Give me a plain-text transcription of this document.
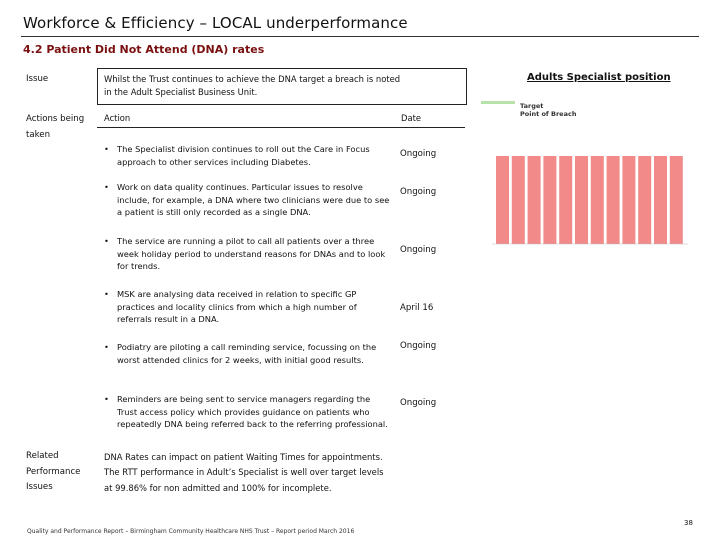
Workforce & Efficiency – LOCAL underperformance
4.2 Patient Did Not Attend (DNA) rates
Issue	Whilst the Trust continues to achieve the DNA target a breach is noted in the Adult Specialist Business Unit.
Actions being taken
Action	Date
• The Specialist division continues to roll out the Care in Focus approach to other services including Diabetes.
Ongoing
• Work on data quality continues. Particular issues to resolve include, for example, a DNA where two clinicians were due to see a patient is still only recorded as a single DNA.
Ongoing
• The service are running a pilot to call all patients over a three week holiday period to understand reasons for DNAs and to look for trends.
Ongoing
• MSK are analysing data received in relation to specific GP practices and locality clinics from which a high number of referrals result in a DNA.
April 16
• Podiatry are piloting a call reminding service, focussing on the worst attended clinics for 2 weeks, with initial good results.
Ongoing
• Reminders are being sent to service managers regarding the Trust access policy which provides guidance on patients who repeatedly DNA being referred back to the referring professional.
Ongoing
Related Performance Issues
DNA Rates can impact on patient Waiting Times for appointments. The RTT performance in Adult’s Specialist is well over target levels at 99.86% for non admitted and 100% for incomplete.
Adults Specialist position
Target
Point of Breach
Quality and Performance Report – Birmingham Community Healthcare NHS Trust – Report period March 2016
38
